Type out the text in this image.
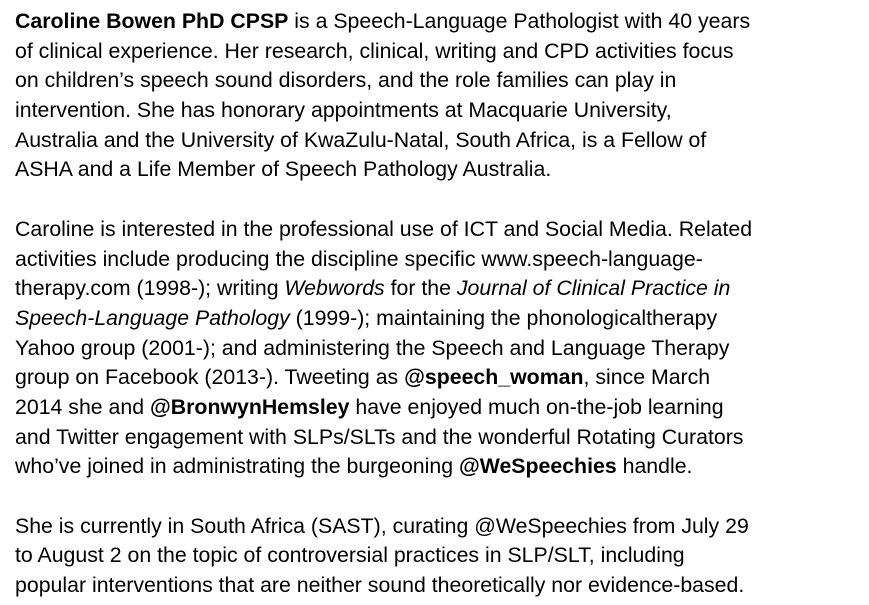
Caroline Bowen PhD CPSP is a Speech-Language Pathologist with 40 years
of clinical experience. Her research, clinical, writing and CPD activities focus
on children’s speech sound disorders, and the role families can play in
intervention. She has honorary appointments at Macquarie University,
Australia and the University of KwaZulu-Natal, South Africa, is a Fellow of
ASHA and a Life Member of Speech Pathology Australia.
Caroline is interested in the professional use of ICT and Social Media. Related
activities include producing the discipline specific www.speech-language-
therapy.com (1998-); writing Webwords for the Journal of Clinical Practice in
Speech-Language Pathology (1999-); maintaining the phonologicaltherapy
Yahoo group (2001-); and administering the Speech and Language Therapy
group on Facebook (2013-). Tweeting as @speech_woman, since March
2014 she and @BronwynHemsley have enjoyed much on-the-job learning
and Twitter engagement with SLPs/SLTs and the wonderful Rotating Curators
who’ve joined in administrating the burgeoning @WeSpeechies handle.
She is currently in South Africa (SAST), curating @WeSpeechies from July 29
to August 2 on the topic of controversial practices in SLP/SLT, including
popular interventions that are neither sound theoretically nor evidence-based.
